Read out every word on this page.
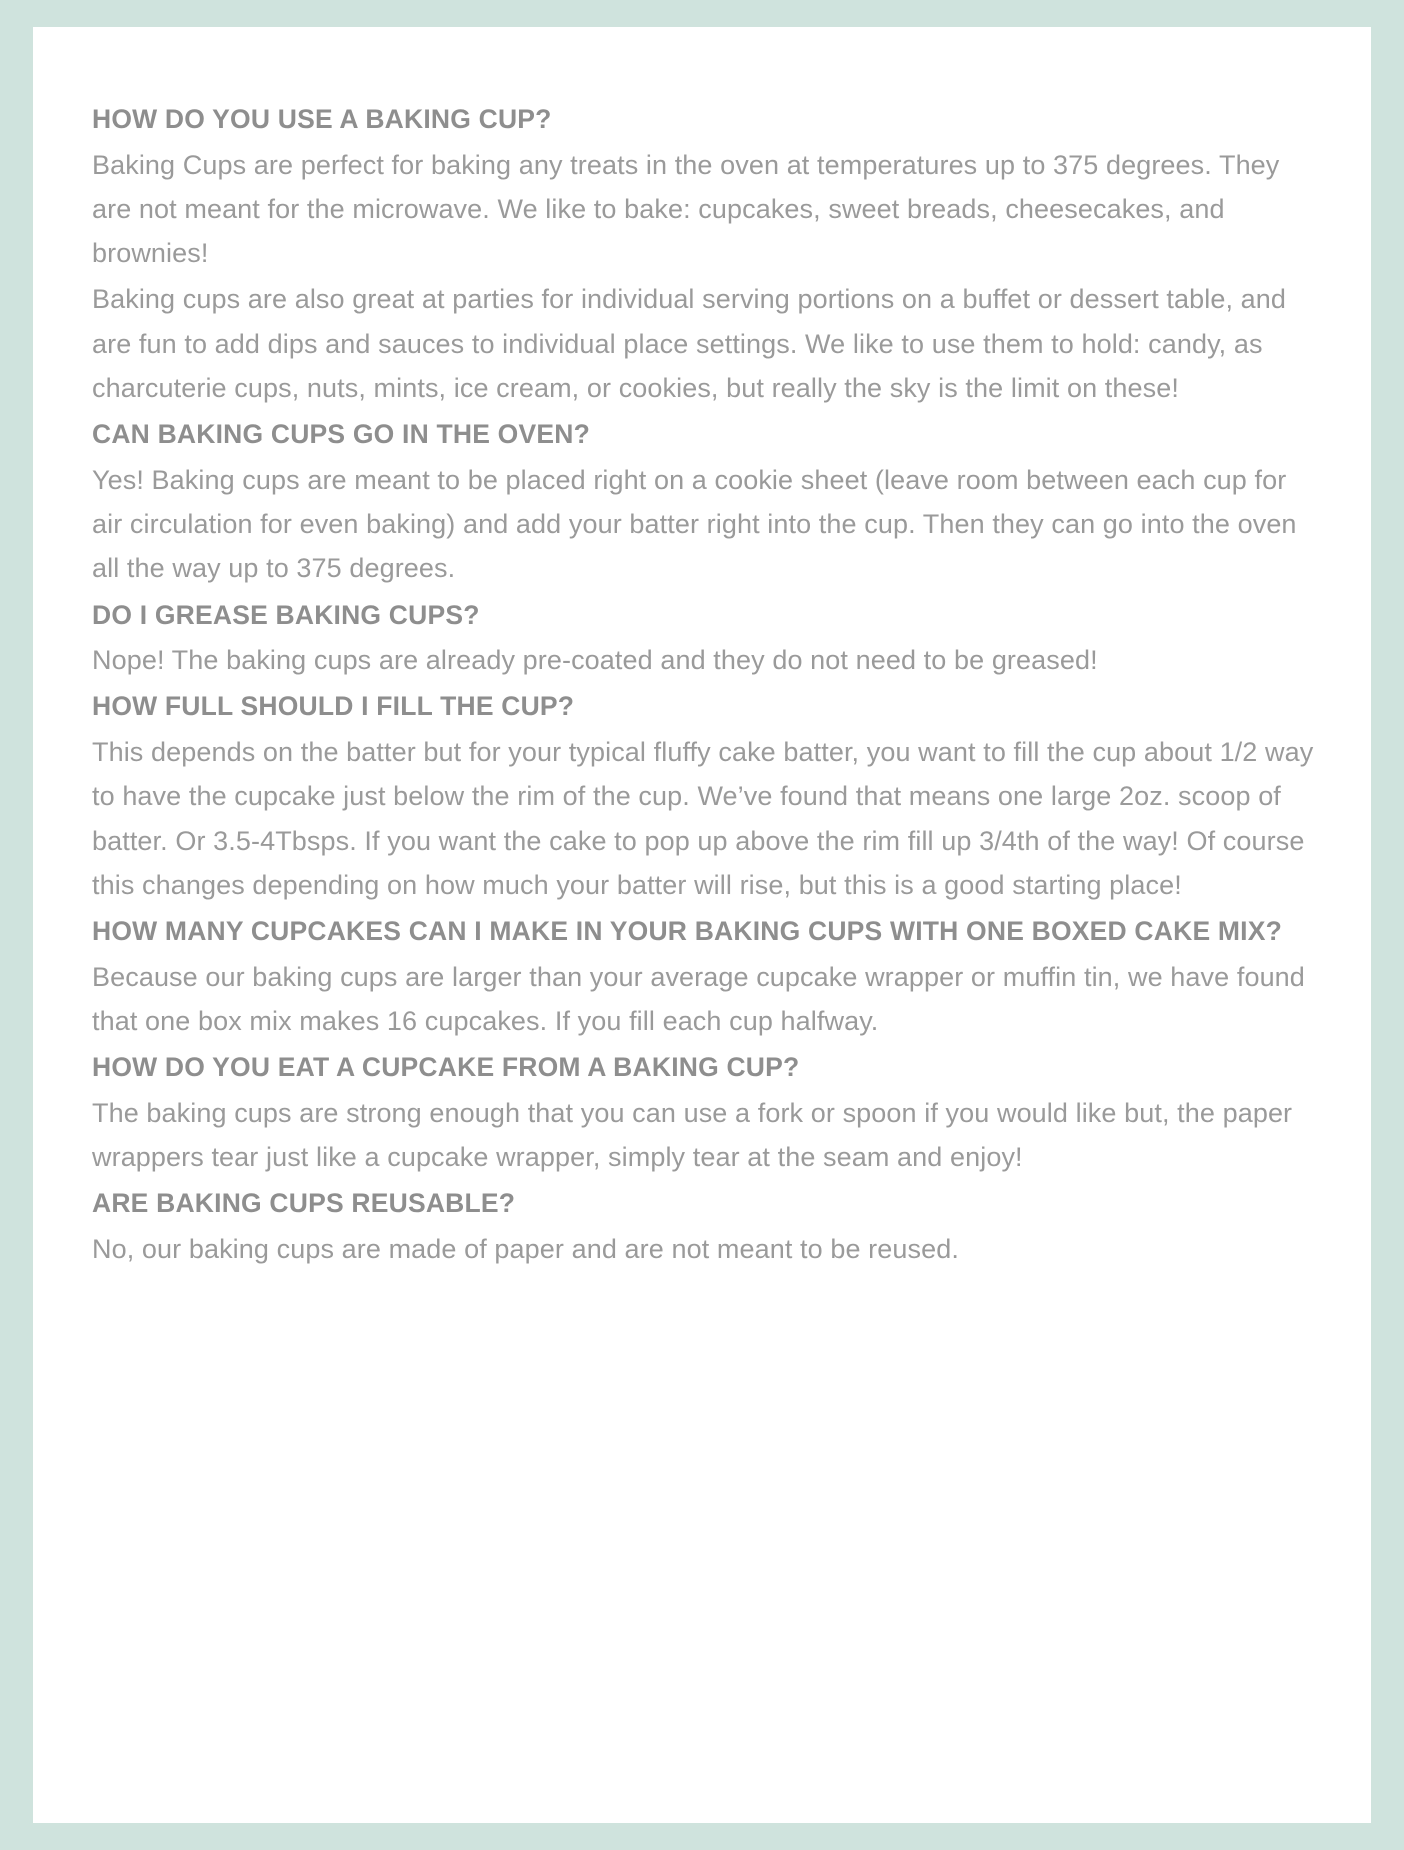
HOW DO YOU USE A BAKING CUP?

Baking Cups are perfect for baking any treats in the oven at temperatures up to 375 degrees. They are not meant for the microwave. We like to bake: cupcakes, sweet breads, cheesecakes, and brownies!

Baking cups are also great at parties for individual serving portions on a buffet or dessert table, and are fun to add dips and sauces to individual place settings. We like to use them to hold: candy, as charcuterie cups, nuts, mints, ice cream, or cookies, but really the sky is the limit on these!

CAN BAKING CUPS GO IN THE OVEN?

Yes! Baking cups are meant to be placed right on a cookie sheet (leave room between each cup for air circulation for even baking) and add your batter right into the cup. Then they can go into the oven all the way up to 375 degrees.

DO I GREASE BAKING CUPS?

Nope! The baking cups are already pre-coated and they do not need to be greased!

HOW FULL SHOULD I FILL THE CUP?

This depends on the batter but for your typical fluffy cake batter, you want to fill the cup about 1/2 way to have the cupcake just below the rim of the cup. We’ve found that means one large 2oz. scoop of batter. Or 3.5-4Tbsps. If you want the cake to pop up above the rim fill up 3/4th of the way! Of course this changes depending on how much your batter will rise, but this is a good starting place!

HOW MANY CUPCAKES CAN I MAKE IN YOUR BAKING CUPS WITH ONE BOXED CAKE MIX?

Because our baking cups are larger than your average cupcake wrapper or muffin tin, we have found that one box mix makes 16 cupcakes. If you fill each cup halfway.

HOW DO YOU EAT A CUPCAKE FROM A BAKING CUP?

The baking cups are strong enough that you can use a fork or spoon if you would like but, the paper wrappers tear just like a cupcake wrapper, simply tear at the seam and enjoy!

ARE BAKING CUPS REUSABLE?

No, our baking cups are made of paper and are not meant to be reused.
